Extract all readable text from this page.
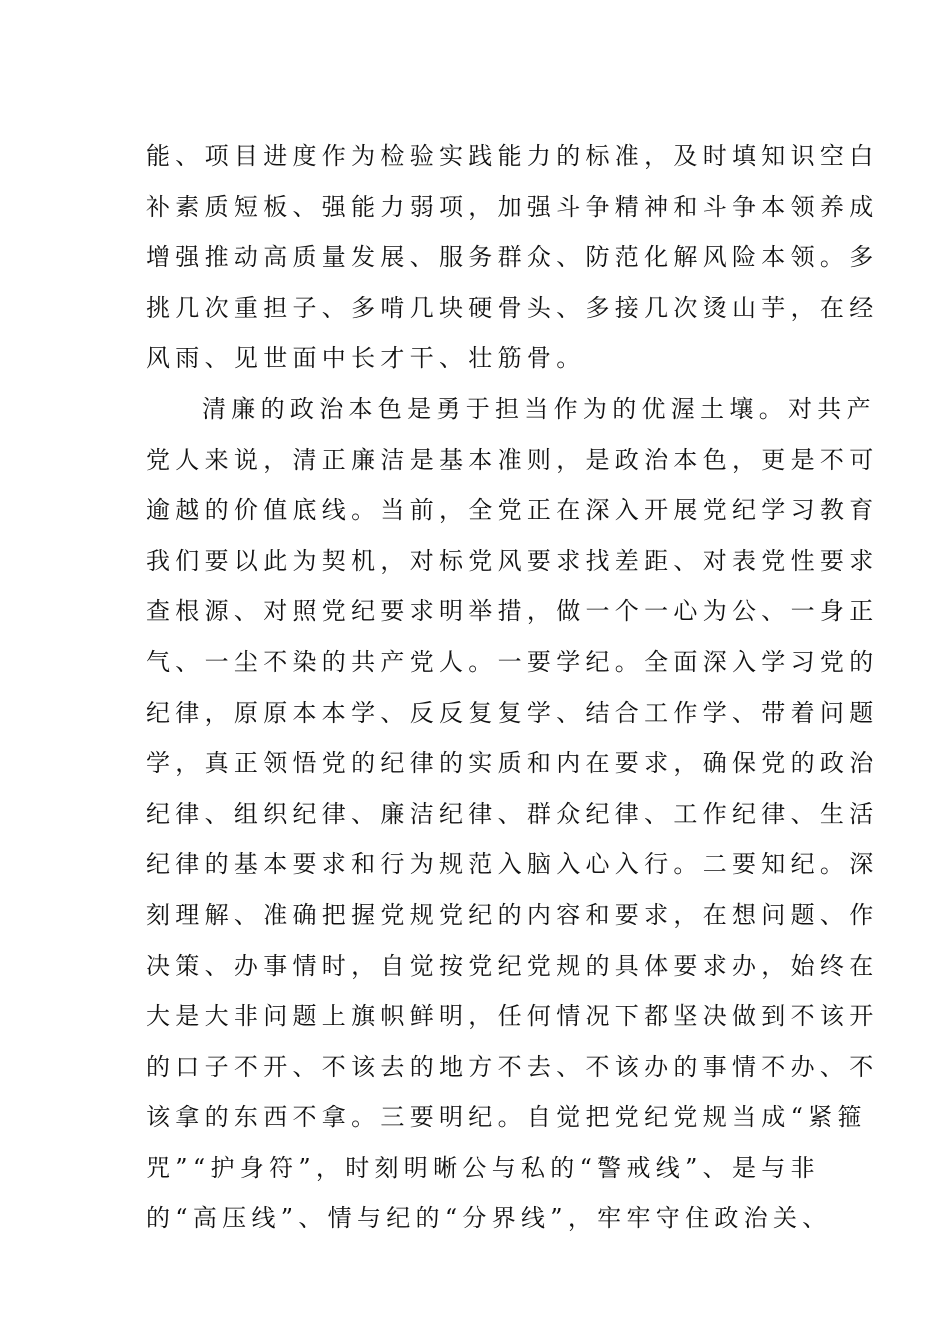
能、项目进度作为检验实践能力的标准，及时填知识空白
补素质短板、强能力弱项，加强斗争精神和斗争本领养成
增强推动高质量发展、服务群众、防范化解风险本领。多
挑几次重担子、多啃几块硬骨头、多接几次烫山芋，在经
风雨、见世面中长才干、壮筋骨。
清廉的政治本色是勇于担当作为的优渥土壤。对共产
党人来说，清正廉洁是基本准则，是政治本色，更是不可
逾越的价值底线。当前，全党正在深入开展党纪学习教育
我们要以此为契机，对标党风要求找差距、对表党性要求
查根源、对照党纪要求明举措，做一个一心为公、一身正
气、一尘不染的共产党人。一要学纪。全面深入学习党的
纪律，原原本本学、反反复复学、结合工作学、带着问题
学，真正领悟党的纪律的实质和内在要求，确保党的政治
纪律、组织纪律、廉洁纪律、群众纪律、工作纪律、生活
纪律的基本要求和行为规范入脑入心入行。二要知纪。深
刻理解、准确把握党规党纪的内容和要求，在想问题、作
决策、办事情时，自觉按党纪党规的具体要求办，始终在
大是大非问题上旗帜鲜明，任何情况下都坚决做到不该开
的口子不开、不该去的地方不去、不该办的事情不办、不
该拿的东西不拿。三要明纪。自觉把党纪党规当成“紧箍
咒”“护身符”，时刻明晰公与私的“警戒线”、是与非
的“高压线”、情与纪的“分界线”，牢牢守住政治关、
